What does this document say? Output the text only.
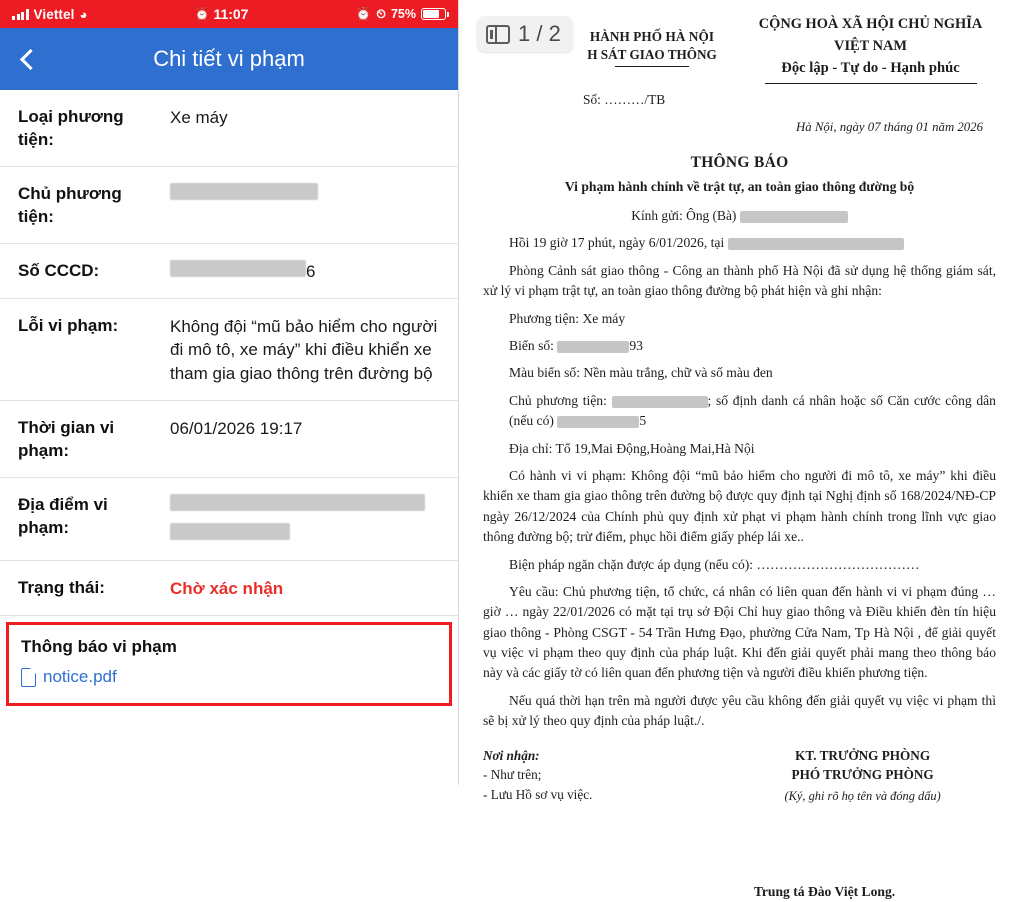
Viettel ◕	⏰ 11:07	⏰ ⏲ 75%
Chi tiết vi phạm
Loại phương tiện:
Xe máy
Chủ phương tiện:

Số CCCD:	6
Lỗi vi phạm:	Không đội “mũ bảo hiểm cho người đi mô tô, xe máy” khi điều khiển xe tham gia giao thông trên đường bộ
Thời gian vi phạm:
06/01/2026 19:17
Địa điểm vi phạm:

Trạng thái:	Chờ xác nhận
Thông báo vi phạm
notice.pdf
1 / 2	HÀNH PHỐ HÀ NỘI
H SÁT GIAO THÔNG
CỘNG HOÀ XÃ HỘI CHỦ NGHĨA VIỆT NAM
Độc lập - Tự do - Hạnh phúc
Số: ………/TB
Hà Nội, ngày 07 tháng 01 năm 2026
THÔNG BÁO
Vi phạm hành chính về trật tự, an toàn giao thông đường bộ
Kính gửi: Ông (Bà)
Hồi 19 giờ 17 phút, ngày 6/01/2026, tại
Phòng Cảnh sát giao thông - Công an thành phố Hà Nội đã sử dụng hệ thống giám sát, xử lý vi phạm trật tự, an toàn giao thông đường bộ phát hiện và ghi nhận:
Phương tiện: Xe máy
Biển số:	93
Màu biển số: Nền màu trắng, chữ và số màu đen
Chủ phương tiện:	; số định danh cá nhân hoặc số Căn cước công dân (nếu có)	5
Địa chỉ: Tổ 19,Mai Động,Hoàng Mai,Hà Nội
Có hành vi vi phạm: Không đội “mũ bảo hiểm cho người đi mô tô, xe máy” khi điều khiển xe tham gia giao thông trên đường bộ được quy định tại Nghị định số 168/2024/NĐ-CP ngày 26/12/2024 của Chính phủ quy định xử phạt vi phạm hành chính trong lĩnh vực giao thông đường bộ; trừ điểm, phục hồi điểm giấy phép lái xe..
Biện pháp ngăn chặn được áp dụng (nếu có): ………………………………
Yêu cầu: Chủ phương tiện, tổ chức, cá nhân có liên quan đến hành vi vi phạm đúng … giờ … ngày 22/01/2026 có mặt tại trụ sở Đội Chỉ huy giao thông và Điều khiển đèn tín hiệu giao thông - Phòng CSGT - 54 Trần Hưng Đạo, phường Cửa Nam, Tp Hà Nội , để giải quyết vụ việc vi phạm theo quy định của pháp luật. Khi đến giải quyết phải mang theo thông báo này và các giấy tờ có liên quan đến phương tiện và người điều khiển phương tiện.
Nếu quá thời hạn trên mà người được yêu cầu không đến giải quyết vụ việc vi phạm thì sẽ bị xử lý theo quy định của pháp luật./.
Nơi nhận:
- Như trên;
- Lưu Hồ sơ vụ việc.
KT. TRƯỞNG PHÒNG
PHÓ TRƯỞNG PHÒNG
(Ký, ghi rõ họ tên và đóng dấu)
Trung tá Đào Việt Long.
